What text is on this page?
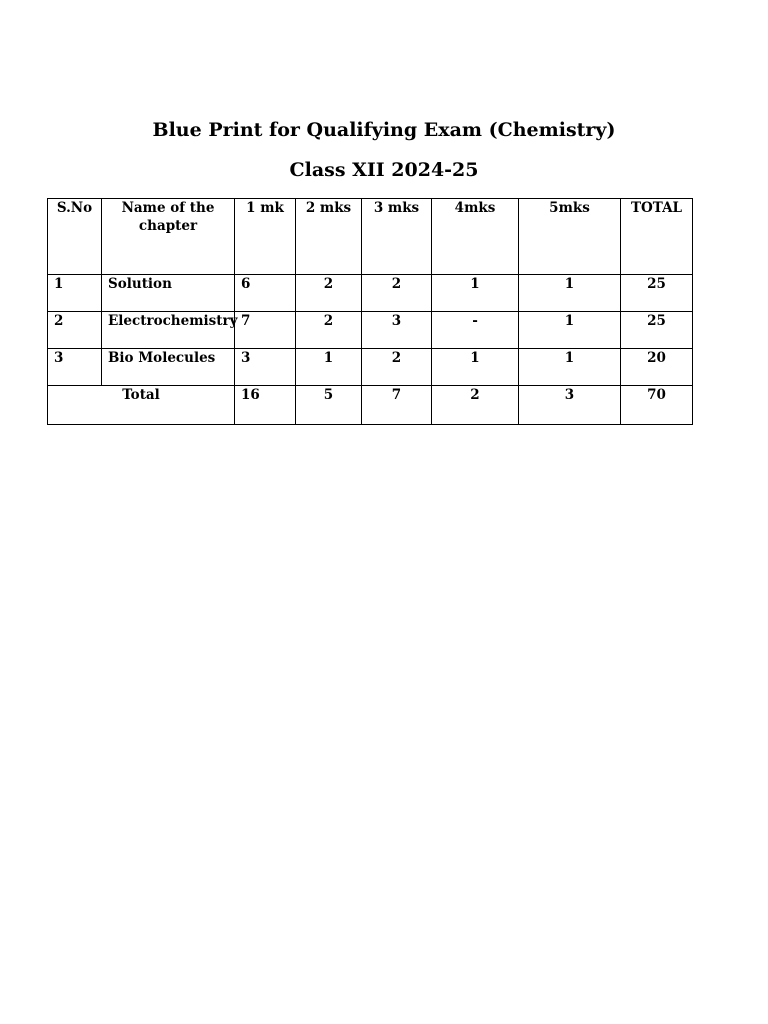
Blue Print for Qualifying Exam (Chemistry)
Class XII 2024-25
S.No	Name of the chapter	1 mk	2 mks	3 mks	4mks	5mks	TOTAL
1	Solution	6	2	2	1	1	25
2	Electrochemistry	7	2	3	-	1	25
3	Bio Molecules	3	1	2	1	1	20
Total		16	5	7	2	3	70
